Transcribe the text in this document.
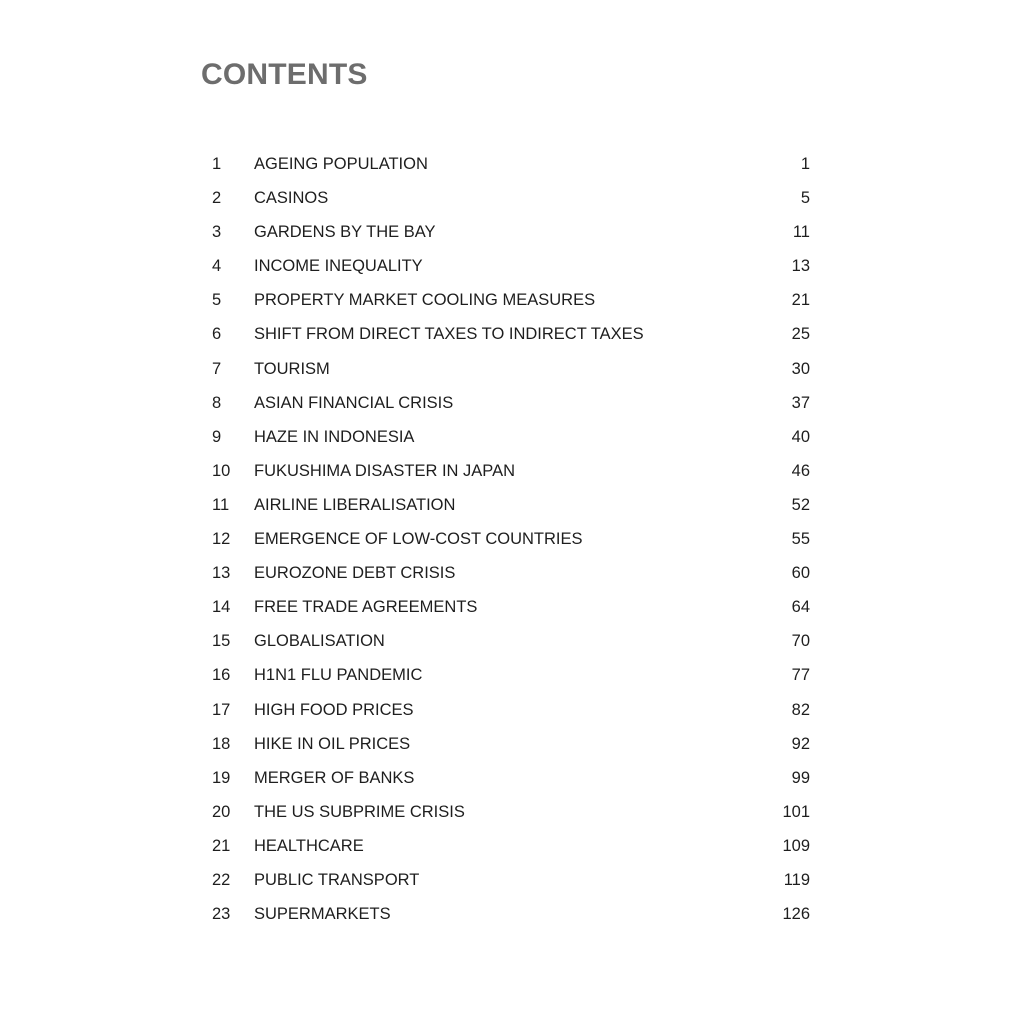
CONTENTS
1 AGEING POPULATION	1
2 CASINOS	5
3 GARDENS BY THE BAY	11
4 INCOME INEQUALITY	13
5 PROPERTY MARKET COOLING MEASURES	21
6 SHIFT FROM DIRECT TAXES TO INDIRECT TAXES	25
7 TOURISM	30
8 ASIAN FINANCIAL CRISIS	37
9 HAZE IN INDONESIA	40
10 FUKUSHIMA DISASTER IN JAPAN	46
11 AIRLINE LIBERALISATION	52
12 EMERGENCE OF LOW-COST COUNTRIES	55
13 EUROZONE DEBT CRISIS	60
14 FREE TRADE AGREEMENTS	64
15 GLOBALISATION	70
16 H1N1 FLU PANDEMIC	77
17 HIGH FOOD PRICES	82
18 HIKE IN OIL PRICES	92
19 MERGER OF BANKS	99
20 THE US SUBPRIME CRISIS	101
21 HEALTHCARE	109
22 PUBLIC TRANSPORT	119
23 SUPERMARKETS	126
